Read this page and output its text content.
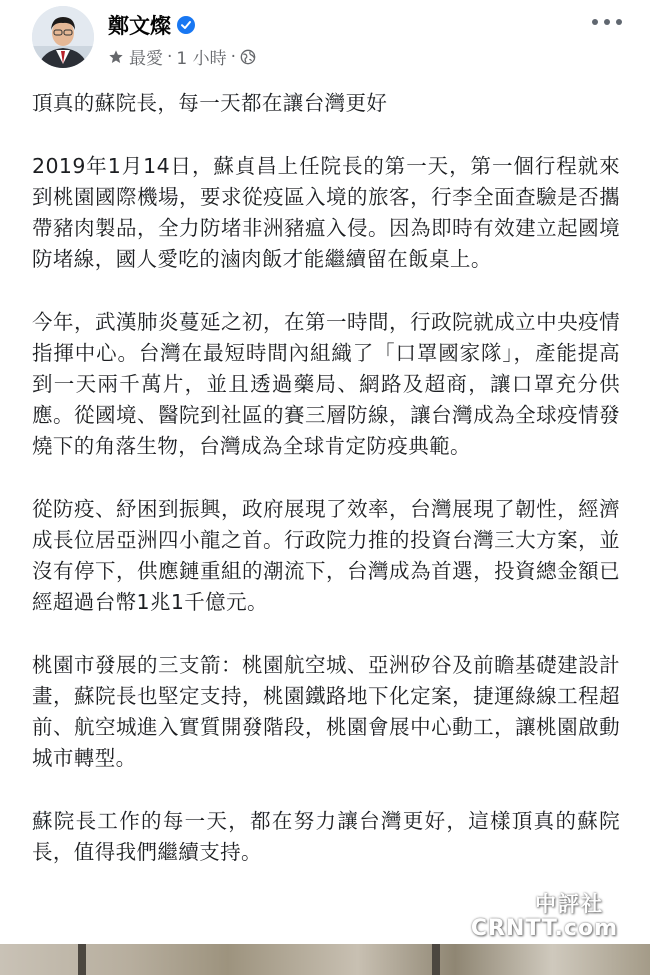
鄭文燦
最愛 · 1 小時 ·

頂真的蘇院長，每一天都在讓台灣更好

2019年1月14日，蘇貞昌上任院長的第一天，第一個行程就來到桃園國際機場，要求從疫區入境的旅客，行李全面查驗是否攜帶豬肉製品，全力防堵非洲豬瘟入侵。因為即時有效建立起國境防堵線，國人愛吃的滷肉飯才能繼續留在飯桌上。

今年，武漢肺炎蔓延之初，在第一時間，行政院就成立中央疫情指揮中心。台灣在最短時間內組織了「口罩國家隊」，產能提高到一天兩千萬片，並且透過藥局、網路及超商，讓口罩充分供應。從國境、醫院到社區的賽三層防線，讓台灣成為全球疫情發燒下的角落生物，台灣成為全球肯定防疫典範。

從防疫、紓困到振興，政府展現了效率，台灣展現了韌性，經濟成長位居亞洲四小龍之首。行政院力推的投資台灣三大方案，並沒有停下，供應鏈重組的潮流下，台灣成為首選，投資總金額已經超過台幣1兆1千億元。

桃園市發展的三支箭：桃園航空城、亞洲矽谷及前瞻基礎建設計畫，蘇院長也堅定支持，桃園鐵路地下化定案，捷運綠線工程超前、航空城進入實質開發階段，桃園會展中心動工，讓桃園啟動城市轉型。

蘇院長工作的每一天，都在努力讓台灣更好，這樣頂真的蘇院長，值得我們繼續支持。

中評社
CRNTT.com
